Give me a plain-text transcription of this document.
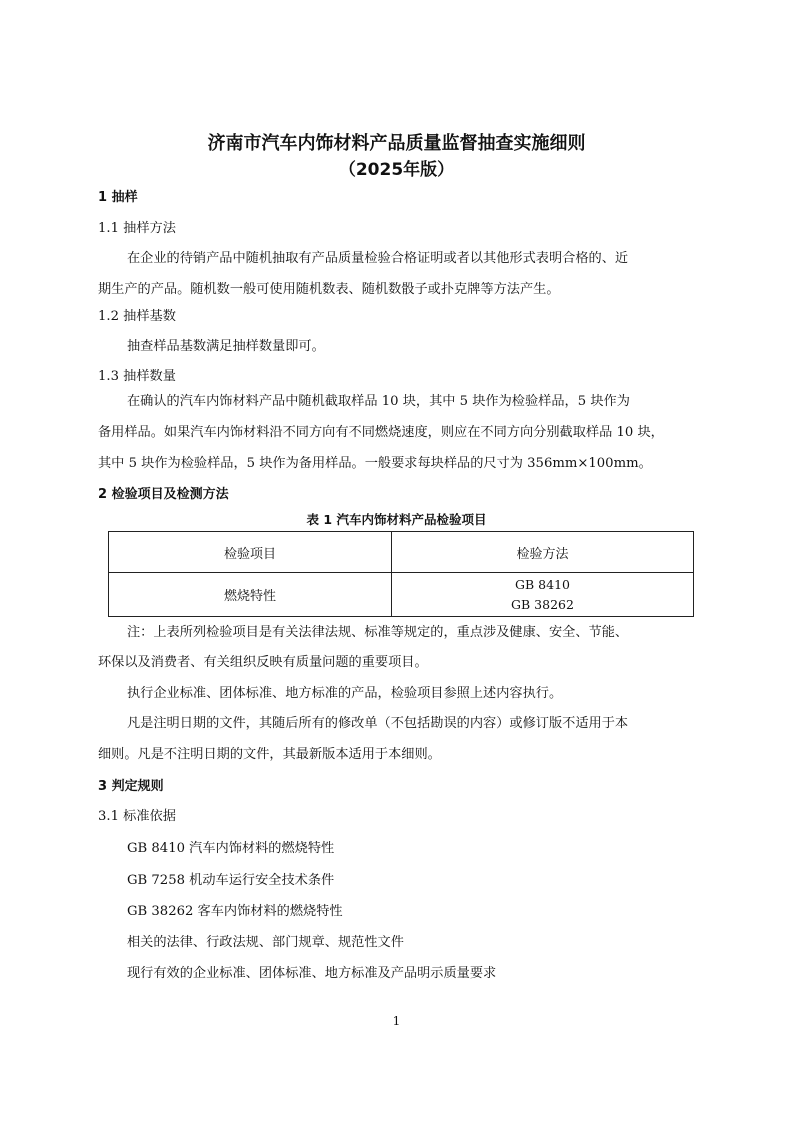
济南市汽车内饰材料产品质量监督抽查实施细则
（2025年版）
1 抽样
1.1 抽样方法
在企业的待销产品中随机抽取有产品质量检验合格证明或者以其他形式表明合格的、近
期生产的产品。随机数一般可使用随机数表、随机数骰子或扑克牌等方法产生。
1.2 抽样基数
抽查样品基数满足抽样数量即可。
1.3 抽样数量
在确认的汽车内饰材料产品中随机截取样品 10 块，其中 5 块作为检验样品，5 块作为
备用样品。如果汽车内饰材料沿不同方向有不同燃烧速度，则应在不同方向分别截取样品 10 块，
其中 5 块作为检验样品，5 块作为备用样品。一般要求每块样品的尺寸为 356mm×100mm。
2 检验项目及检测方法
表 1 汽车内饰材料产品检验项目
检验项目	检验方法
燃烧特性	GB 8410
GB 38262
注：上表所列检验项目是有关法律法规、标准等规定的，重点涉及健康、安全、节能、
环保以及消费者、有关组织反映有质量问题的重要项目。
执行企业标准、团体标准、地方标准的产品，检验项目参照上述内容执行。
凡是注明日期的文件，其随后所有的修改单（不包括勘误的内容）或修订版不适用于本
细则。凡是不注明日期的文件，其最新版本适用于本细则。
3 判定规则
3.1 标准依据
GB 8410 汽车内饰材料的燃烧特性
GB 7258 机动车运行安全技术条件
GB 38262 客车内饰材料的燃烧特性
相关的法律、行政法规、部门规章、规范性文件
现行有效的企业标准、团体标准、地方标准及产品明示质量要求
1
